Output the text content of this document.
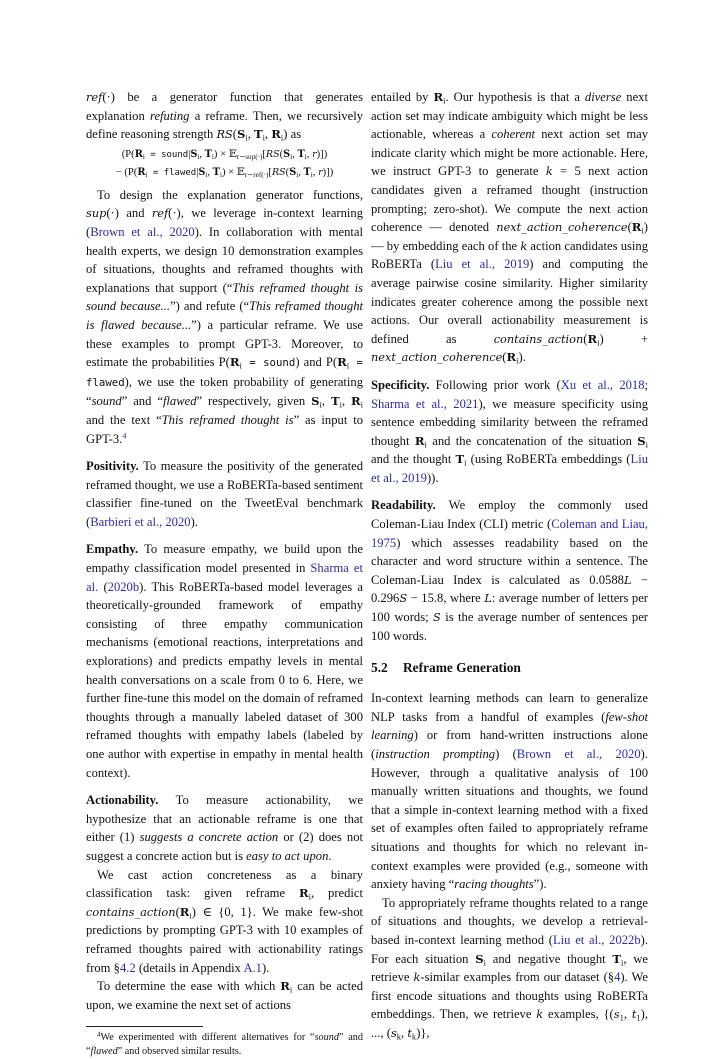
ref(·) be a generator function that generates explanation refuting a reframe. Then, we recursively define reasoning strength $RS(S_i$, $T_i$, $R_i$) as
($P(R_i$ = $sound|S_i$, $T_i$) × $𝔼_{r\sim sup(\cdot)}[RS(S_i$, $T_i$, r)])
− ($P(R_i$ = $flawed|S_i$, $T_i$) × $𝔼_{r\sim ref(\cdot)}[RS(S_i$, $T_i$, r)])
To design the explanation generator functions, sup(·) and ref(·), we leverage in-context learning (Brown et al., 2020). In collaboration with mental health experts, we design 10 demonstration examples of situations, thoughts and reframed thoughts with explanations that support (“This reframed thought is sound because...”) and refute (“This reframed thought is flawed because...”) a particular reframe. We use these examples to prompt GPT-3. Moreover, to estimate the probabilities $P(R_i$ = sound) and $P(R_i$ = flawed), we use the token probability of generating “sound” and “flawed” respectively, given $S_i$, $T_i$, $R_i$ and the text “This reframed thought is” as input to GPT-3.$^4$
Positivity. To measure the positivity of the generated reframed thought, we use a RoBERTa-based sentiment classifier fine-tuned on the TweetEval benchmark (Barbieri et al., 2020).
Empathy. To measure empathy, we build upon the empathy classification model presented in Sharma et al. (2020b). This RoBERTa-based model leverages a theoretically-grounded framework of empathy consisting of three empathy communication mechanisms (emotional reactions, interpretations and explorations) and predicts empathy levels in mental health conversations on a scale from 0 to 6. Here, we further fine-tune this model on the domain of reframed thoughts through a manually labeled dataset of 300 reframed thoughts with empathy labels (labeled by one author with expertise in empathy in mental health context).
Actionability. To measure actionability, we hypothesize that an actionable reframe is one that either (1) suggests a concrete action or (2) does not suggest a concrete action but is easy to act upon.
We cast action concreteness as a binary classification task: given reframe $R_i$, predict $contains\_action(R_i)$ ∈ {0, 1}. We make few-shot predictions by prompting GPT-3 with 10 examples of reframed thoughts paired with actionability ratings from §4.2 (details in Appendix A.1).
To determine the ease with which $R_i$ can be acted upon, we examine the next set of actions
$^4$We experimented with different alternatives for “sound” and “flawed” and observed similar results.
entailed by $R_i$. Our hypothesis is that a diverse next action set may indicate ambiguity which might be less actionable, whereas a coherent next action set may indicate clarity which might be more actionable. Here, we instruct GPT-3 to generate k = 5 next action candidates given a reframed thought (instruction prompting; zero-shot). We compute the next action coherence — denoted $next\_action\_coherence(R_i)$ — by embedding each of the k action candidates using RoBERTa (Liu et al., 2019) and computing the average pairwise cosine similarity. Higher similarity indicates greater coherence among the possible next actions. Our overall actionability measurement is defined as $contains\_action(R_i)$ + $next\_action\_coherence(R_i)$.
Specificity. Following prior work (Xu et al., 2018; Sharma et al., 2021), we measure specificity using sentence embedding similarity between the reframed thought $R_i$ and the concatenation of the situation $S_i$ and the thought $T_i$ (using RoBERTa embeddings (Liu et al., 2019)).
Readability. We employ the commonly used Coleman-Liau Index (CLI) metric (Coleman and Liau, 1975) which assesses readability based on the character and word structure within a sentence. The Coleman-Liau Index is calculated as 0.0588L − 0.296S − 15.8, where L: average number of letters per 100 words; S is the average number of sentences per 100 words.
5.2 Reframe Generation
In-context learning methods can learn to generalize NLP tasks from a handful of examples (few-shot learning) or from hand-written instructions alone (instruction prompting) (Brown et al., 2020). However, through a qualitative analysis of 100 manually written situations and thoughts, we found that a simple in-context learning method with a fixed set of examples often failed to appropriately reframe situations and thoughts for which no relevant in-context examples were provided (e.g., someone with anxiety having “racing thoughts”).
To appropriately reframe thoughts related to a range of situations and thoughts, we develop a retrieval-based in-context learning method (Liu et al., 2022b). For each situation $S_i$ and negative thought $T_i$, we retrieve k-similar examples from our dataset (§4). We first encode situations and thoughts using RoBERTa embeddings. Then, we retrieve k examples, {($s_1$, $t_1$), ..., ($s_k$, $t_k$)},
